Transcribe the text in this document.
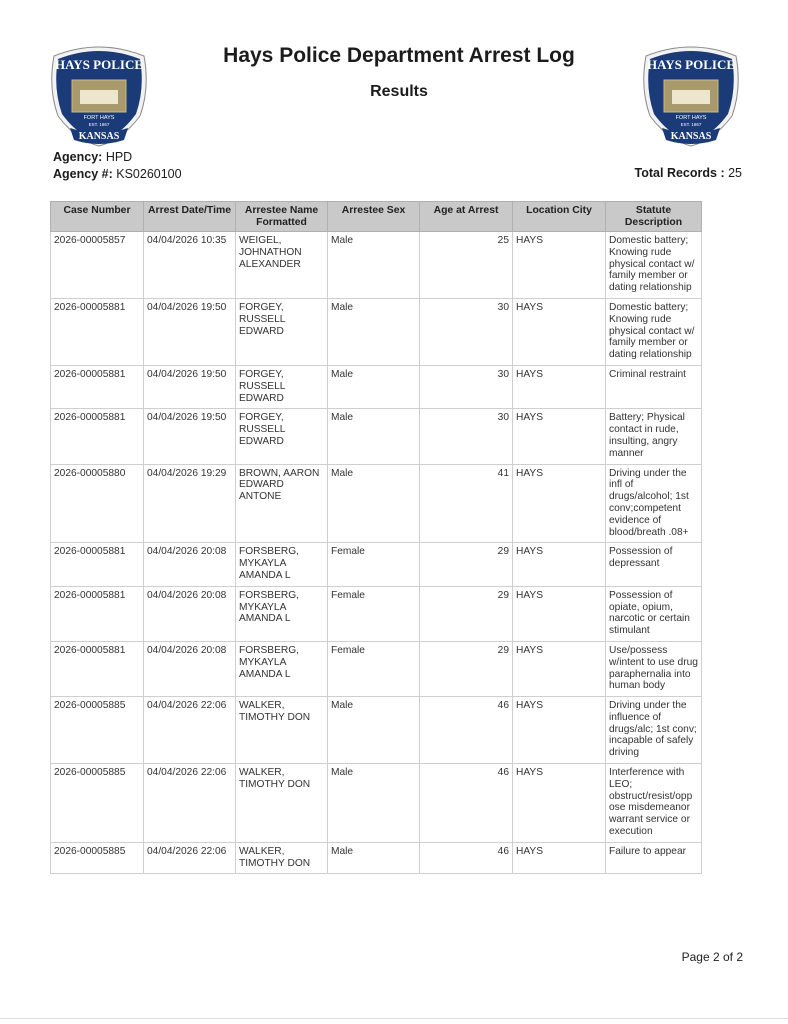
HAYS POLICE
FORT HAYS
EST. 1867
KANSAS
HAYS POLICE
FORT HAYS
EST. 1867
KANSAS
Hays Police Department Arrest Log
Results
Agency: HPD
Agency #: KS0260100	Total Records : 25
Case Number	Arrest Date/Time	Arrestee Name Formatted	Arrestee Sex	Age at Arrest	Location City	Statute Description
2026-00005857	04/04/2026 10:35	WEIGEL, JOHNATHON ALEXANDER	Male	25	HAYS	Domestic battery; Knowing rude physical contact w/ family member or dating relationship
2026-00005881	04/04/2026 19:50	FORGEY, RUSSELL EDWARD	Male	30	HAYS	Domestic battery; Knowing rude physical contact w/ family member or dating relationship
2026-00005881	04/04/2026 19:50	FORGEY, RUSSELL EDWARD	Male	30	HAYS	Criminal restraint
2026-00005881	04/04/2026 19:50	FORGEY, RUSSELL EDWARD	Male	30	HAYS	Battery; Physical contact in rude, insulting, angry manner
2026-00005880	04/04/2026 19:29	BROWN, AARON EDWARD ANTONE	Male	41	HAYS	Driving under the infl of drugs/alcohol; 1st conv;competent evidence of blood/breath .08+
2026-00005881	04/04/2026 20:08	FORSBERG, MYKAYLA AMANDA L	Female	29	HAYS	Possession of depressant
2026-00005881	04/04/2026 20:08	FORSBERG, MYKAYLA AMANDA L	Female	29	HAYS	Possession of opiate, opium, narcotic or certain stimulant
2026-00005881	04/04/2026 20:08	FORSBERG, MYKAYLA AMANDA L	Female	29	HAYS	Use/possess w/intent to use drug paraphernalia into human body
2026-00005885	04/04/2026 22:06	WALKER, TIMOTHY DON	Male	46	HAYS	Driving under the influence of drugs/alc; 1st conv; incapable of safely driving
2026-00005885	04/04/2026 22:06	WALKER, TIMOTHY DON	Male	46	HAYS	Interference with LEO; obstruct/resist/opp ose misdemeanor warrant service or execution
2026-00005885	04/04/2026 22:06	WALKER, TIMOTHY DON	Male	46	HAYS	Failure to appear
Page 2 of 2
